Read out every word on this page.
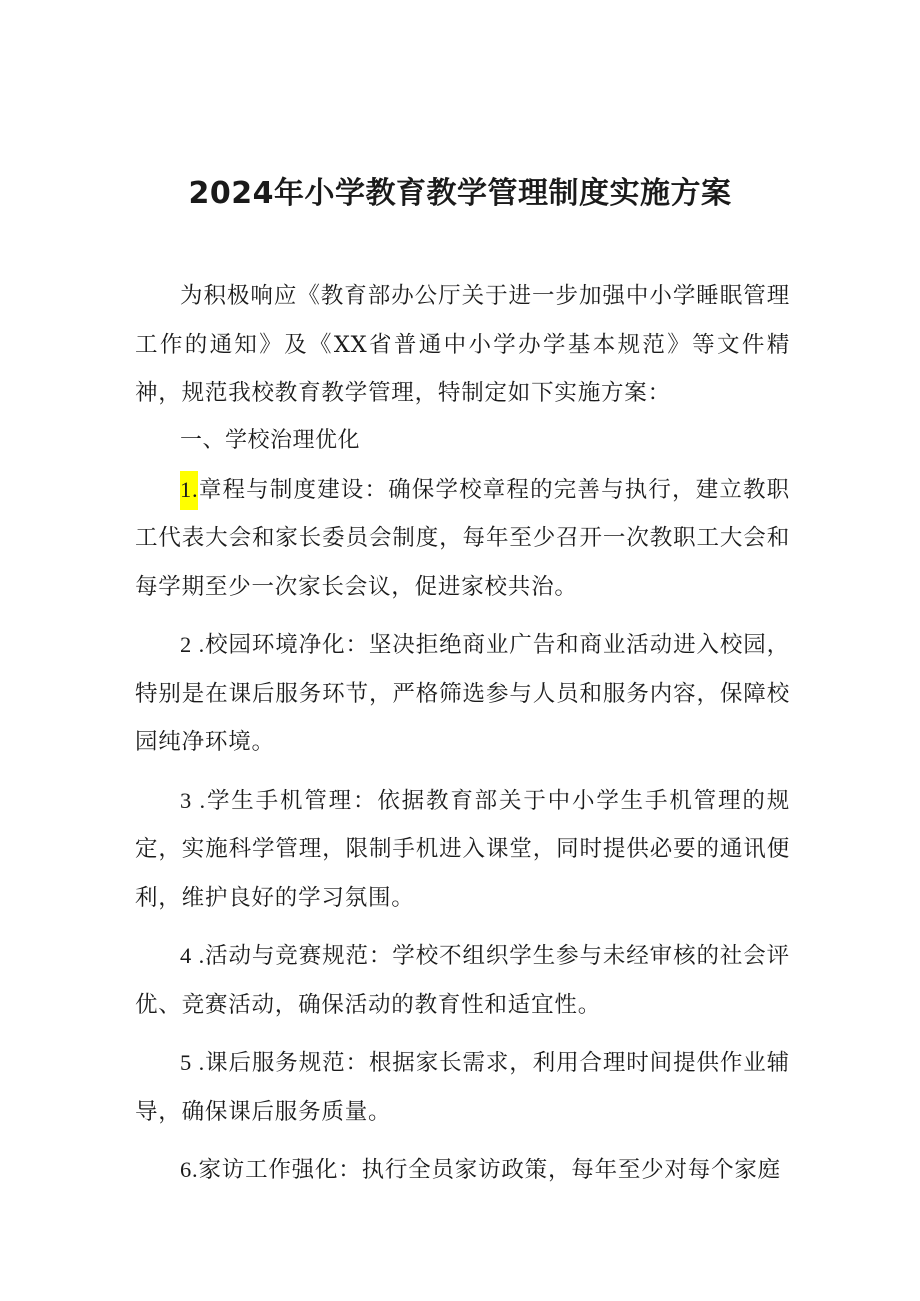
2024年小学教育教学管理制度实施方案

为积极响应《教育部办公厅关于进一步加强中小学睡眠管理工作的通知》及《XX省普通中小学办学基本规范》等文件精神，规范我校教育教学管理，特制定如下实施方案：

一、学校治理优化

1.章程与制度建设：确保学校章程的完善与执行，建立教职工代表大会和家长委员会制度，每年至少召开一次教职工大会和每学期至少一次家长会议，促进家校共治。

2 .校园环境净化：坚决拒绝商业广告和商业活动进入校园，特别是在课后服务环节，严格筛选参与人员和服务内容，保障校园纯净环境。

3 .学生手机管理：依据教育部关于中小学生手机管理的规定，实施科学管理，限制手机进入课堂，同时提供必要的通讯便利，维护良好的学习氛围。

4 .活动与竞赛规范：学校不组织学生参与未经审核的社会评优、竞赛活动，确保活动的教育性和适宜性。

5 .课后服务规范：根据家长需求，利用合理时间提供作业辅导，确保课后服务质量。

6.家访工作强化：执行全员家访政策，每年至少对每个家庭
